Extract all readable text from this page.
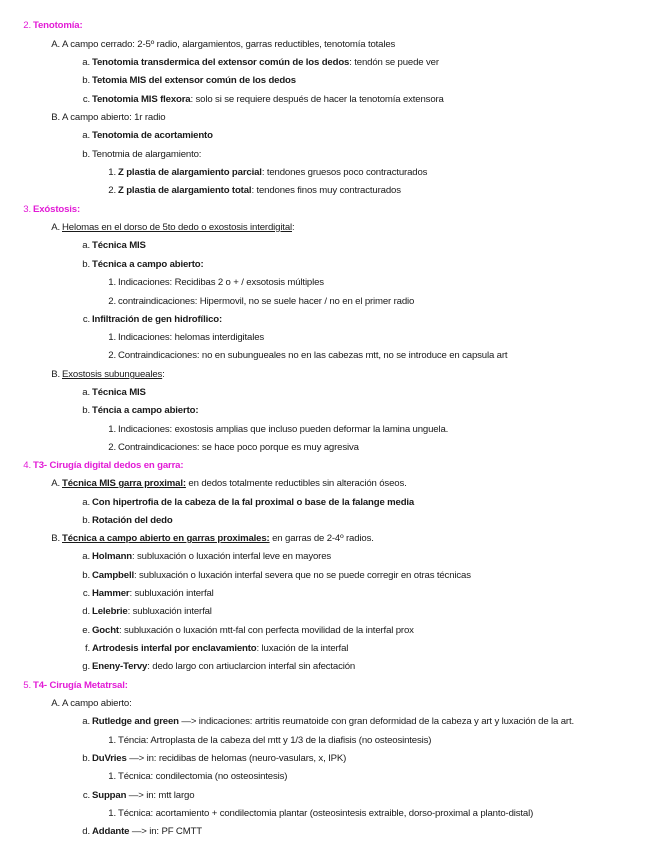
2. Tenotomía:
A. A campo cerrado: 2-5º radio, alargamientos, garras reductibles, tenotomía totales
a. Tenotomia transdermica del extensor común de los dedos: tendón se puede ver
b. Tetomia MIS del extensor común de los dedos
c. Tenotomia MIS flexora: solo si se requiere después de hacer la tenotomía extensora
B. A campo abierto: 1r radio
a. Tenotomia de acortamiento
b. Tenotmia de alargamiento:
1. Z plastia de alargamiento parcial: tendones gruesos poco contracturados
2. Z plastia de alargamiento total: tendones finos muy contracturados
3. Exóstosis:
A. Helomas en el dorso de 5to dedo o exostosis interdigital:
a. Técnica MIS
b. Técnica a campo abierto:
1. Indicaciones: Recidibas 2 o + / exsotosis múltiples
2. contraindicaciones: Hipermovil, no se suele hacer / no en el primer radio
c. Infiltración de gen hidrofílico:
1. Indicaciones: helomas interdigitales
2. Contraindicaciones: no en subungueales no en las cabezas mtt, no se introduce en capsula art
B. Exostosis subungueales:
a. Técnica MIS
b. Téncia a campo abierto:
1. Indicaciones: exostosis amplias que incluso pueden deformar la lamina unguela.
2. Contraindicaciones: se hace poco porque es muy agresiva
4. T3- Cirugía digital dedos en garra:
A. Técnica MIS garra proximal: en dedos totalmente reductibles sin alteración óseos.
a. Con hipertrofia de la cabeza de la fal proximal o base de la falange media
b. Rotación del dedo
B. Técnica a campo abierto en garras proximales: en garras de 2-4º radios.
a. Holmann: subluxación o luxación interfal leve en mayores
b. Campbell: subluxación o luxación interfal severa que no se puede corregir en otras técnicas
c. Hammer: subluxación interfal
d. Lelebrie: subluxación interfal
e. Gocht: subluxación o luxación mtt-fal con perfecta movilidad de la interfal prox
f. Artrodesis interfal por enclavamiento: luxación de la interfal
g. Eneny-Tervy: dedo largo con artiuclarcion interfal sin afectación
5. T4- Cirugía Metatrsal:
A. A campo abierto:
a. Rutledge and green —> indicaciones: artritis reumatoide con gran deformidad de la cabeza y art y luxación de la art.
1. Téncia: Artroplasta de la cabeza del mtt y 1/3 de la diafisis (no osteosintesis)
b. DuVries —> in: recidibas de helomas (neuro-vasulars, x, IPK)
1. Técnica: condilectomia (no osteosintesis)
c. Suppan —> in: mtt largo
1. Técnica: acortamiento + condilectomia plantar (osteosintesis extraible, dorso-proximal a planto-distal)
d. Addante —> in: PF CMTT
